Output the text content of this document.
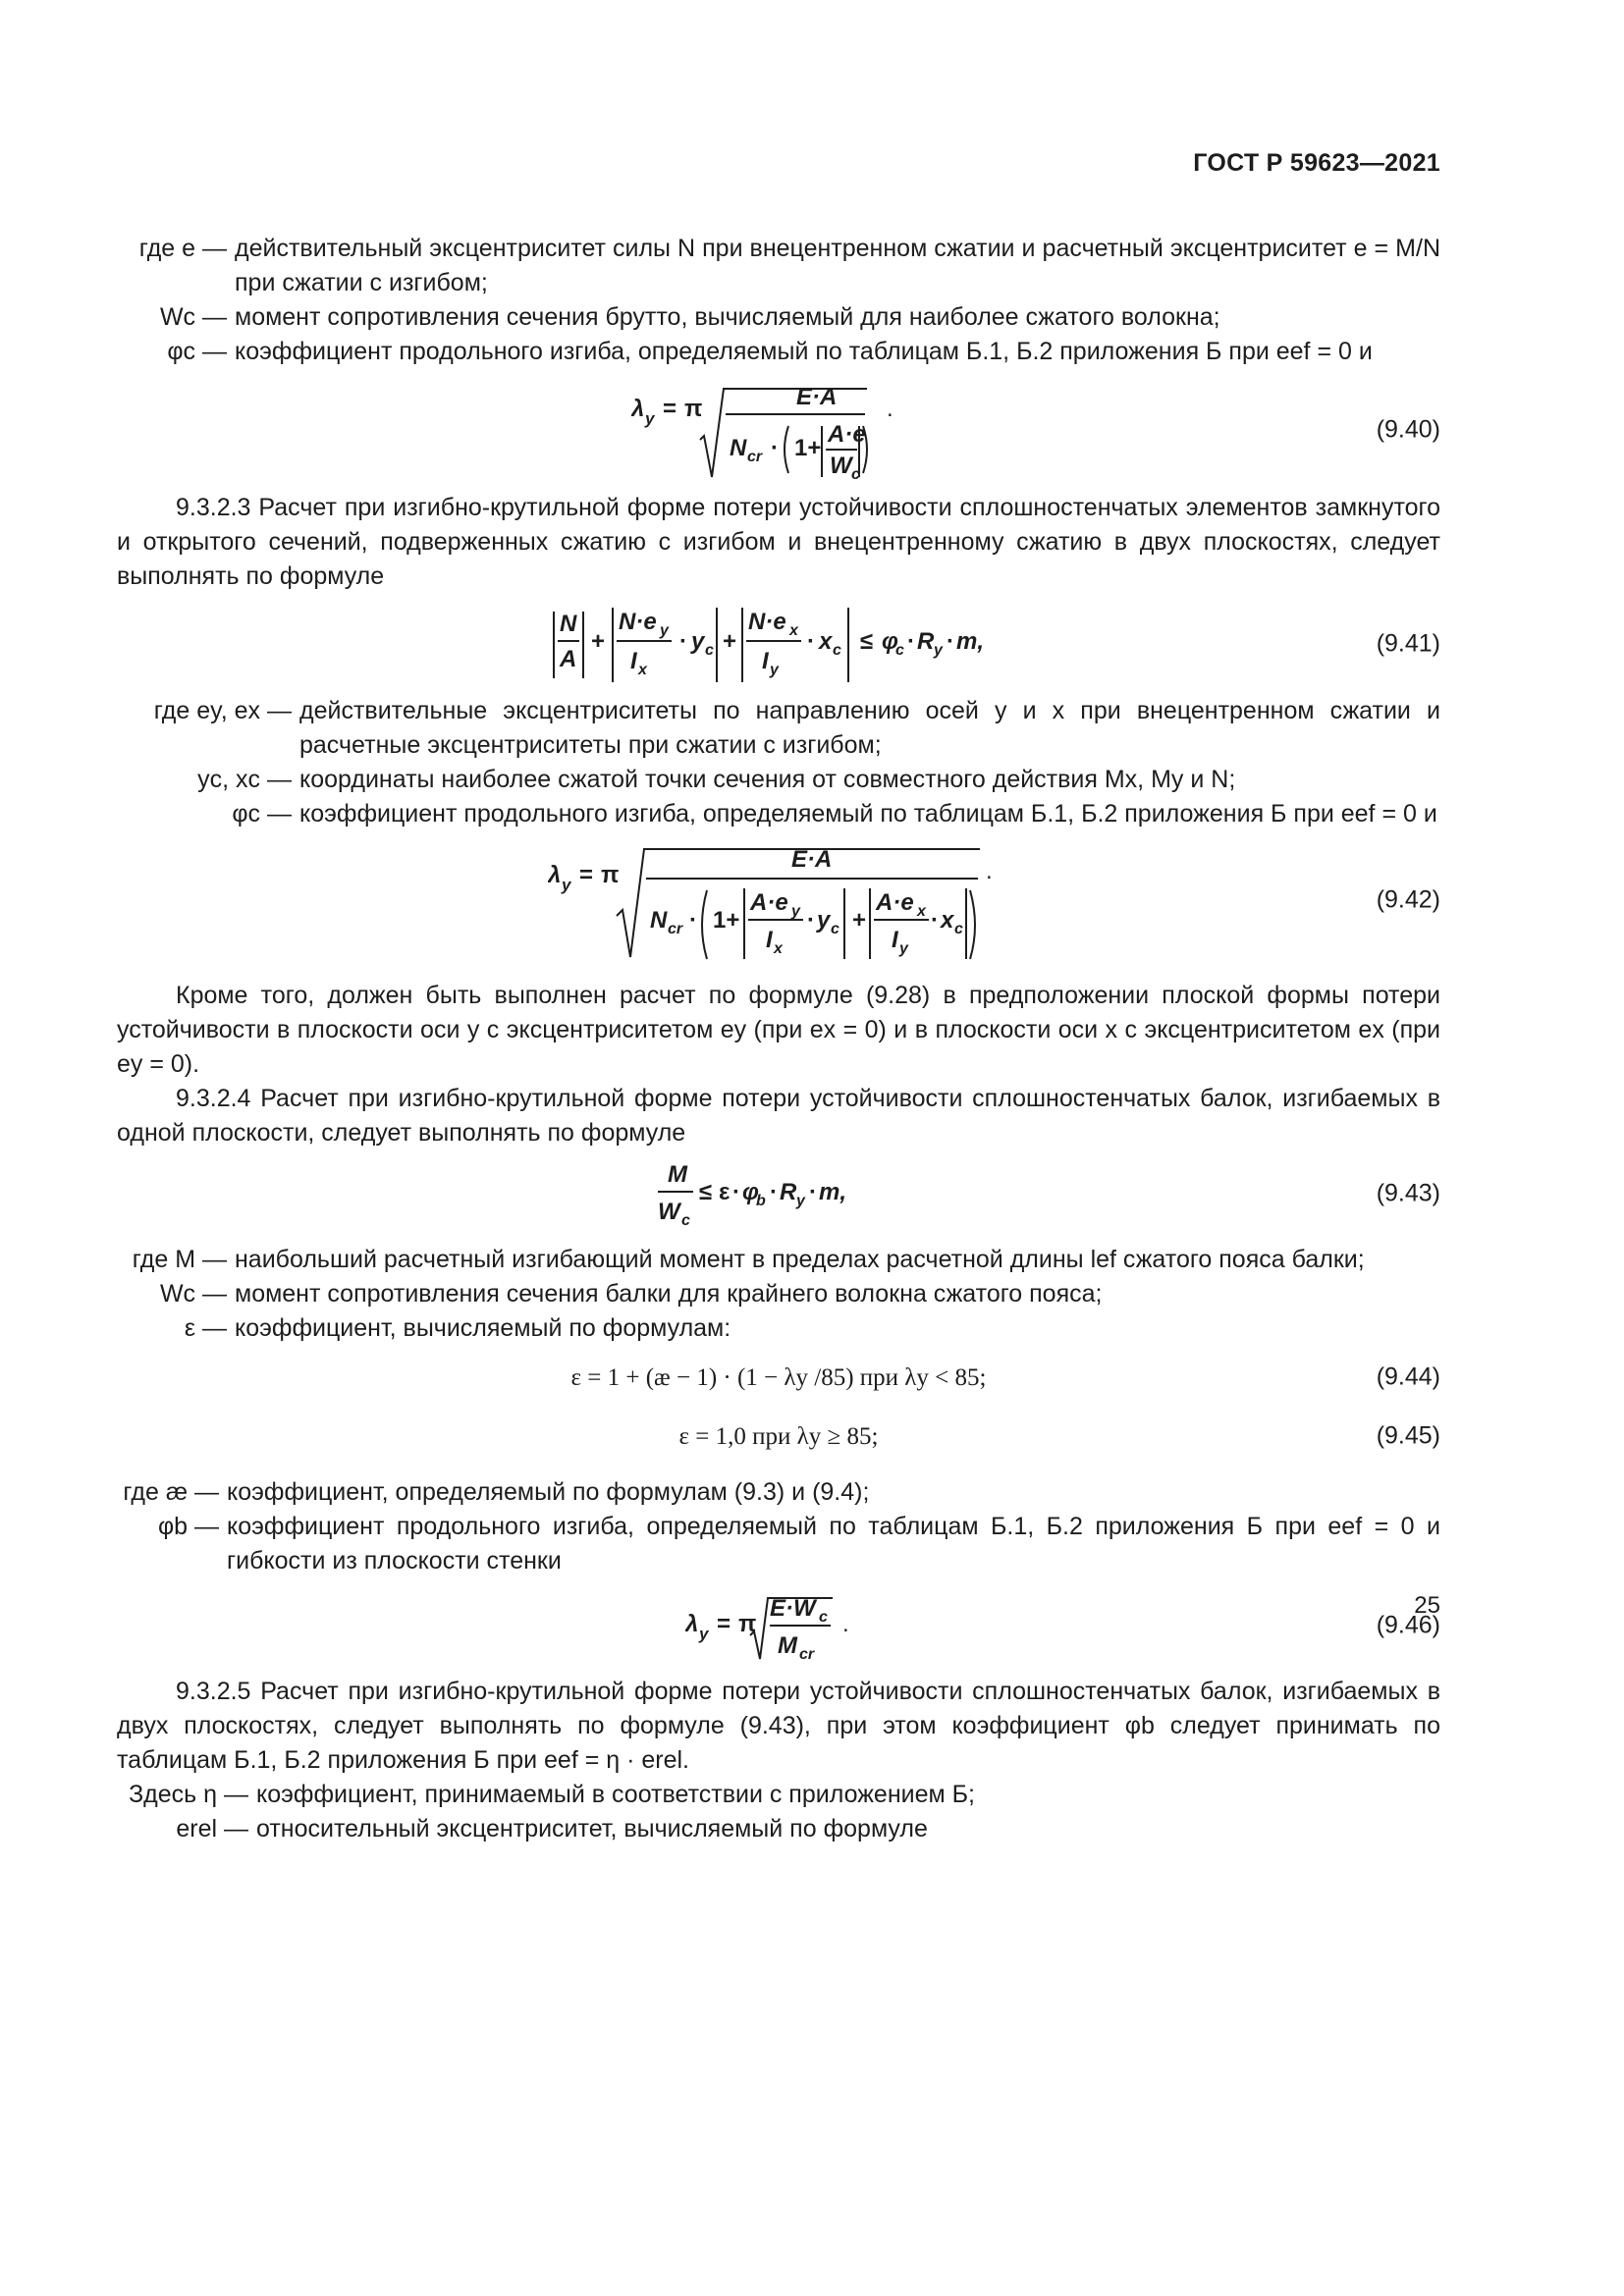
ГОСТ Р 59623—2021
где e — действительный эксцентриситет силы N при внецентренном сжатии и расчетный эксцентриситет e = M/N при сжатии с изгибом;
Wc — момент сопротивления сечения брутто, вычисляемый для наиболее сжатого волокна;
φc — коэффициент продольного изгиба, определяемый по таблицам Б.1, Б.2 приложения Б при eef = 0 и
λ y = π	E·A
N cr · 1+
A·e
W c
.
(9.40)

9.3.2.3 Расчет при изгибно-крутильной форме потери устойчивости сплошностенчатых элементов замкнутого и открытого сечений, подверженных сжатию с изгибом и внецентренному сжатию в двух плоскостях, следует выполнять по формуле

N
A
+
N·e y
I x
· y c +
N·e x
I y
· x c ≤ φ
c · R y · m,	(9.41)
где ey, ex — действительные эксцентриситеты по направлению осей y и x при внецентренном сжатии и расчетные эксцентриситеты при сжатии с изгибом;
yc, xc — координаты наиболее сжатой точки сечения от совместного действия Mx, My и N;
φc — коэффициент продольного изгиба, определяемый по таблицам Б.1, Б.2 приложения Б при eef = 0 и
λ y = π
E·A
N cr · 1+
A·e y
I x
· y c +
A·e x
I y
· x c
.
(9.42)

Кроме того, должен быть выполнен расчет по формуле (9.28) в предположении плоской формы потери устойчивости в плоскости оси y с эксцентриситетом ey (при ex = 0) и в плоскости оси x с эксцентриситетом ex (при ey = 0).

9.3.2.4 Расчет при изгибно-крутильной форме потери устойчивости сплошностенчатых балок, изгибаемых в одной плоскости, следует выполнять по формуле

M
W c
≤ ε · φ
b · R y · m,	(9.43)
где M — наибольший расчетный изгибающий момент в пределах расчетной длины lef сжатого пояса балки;
Wc — момент сопротивления сечения балки для крайнего волокна сжатого пояса;
ε — коэффициент, вычисляемый по формулам:
ε = 1 + (æ − 1) · (1 − λy /85) при λy < 85;	(9.44)
ε = 1,0 при λy ≥ 85;	(9.45)
где æ — коэффициент, определяемый по формулам (9.3) и (9.4);
φb — коэффициент продольного изгиба, определяемый по таблицам Б.1, Б.2 приложения Б при eef = 0 и гибкости из плоскости стенки
λ y = π
E·W c
M cr
.	(9.46)

9.3.2.5 Расчет при изгибно-крутильной форме потери устойчивости сплошностенчатых балок, изгибаемых в двух плоскостях, следует выполнять по формуле (9.43), при этом коэффициент φb следует принимать по таблицам Б.1, Б.2 приложения Б при eef = η · erel.

Здесь η — коэффициент, принимаемый в соответствии с приложением Б;
erel — относительный эксцентриситет, вычисляемый по формуле
25
